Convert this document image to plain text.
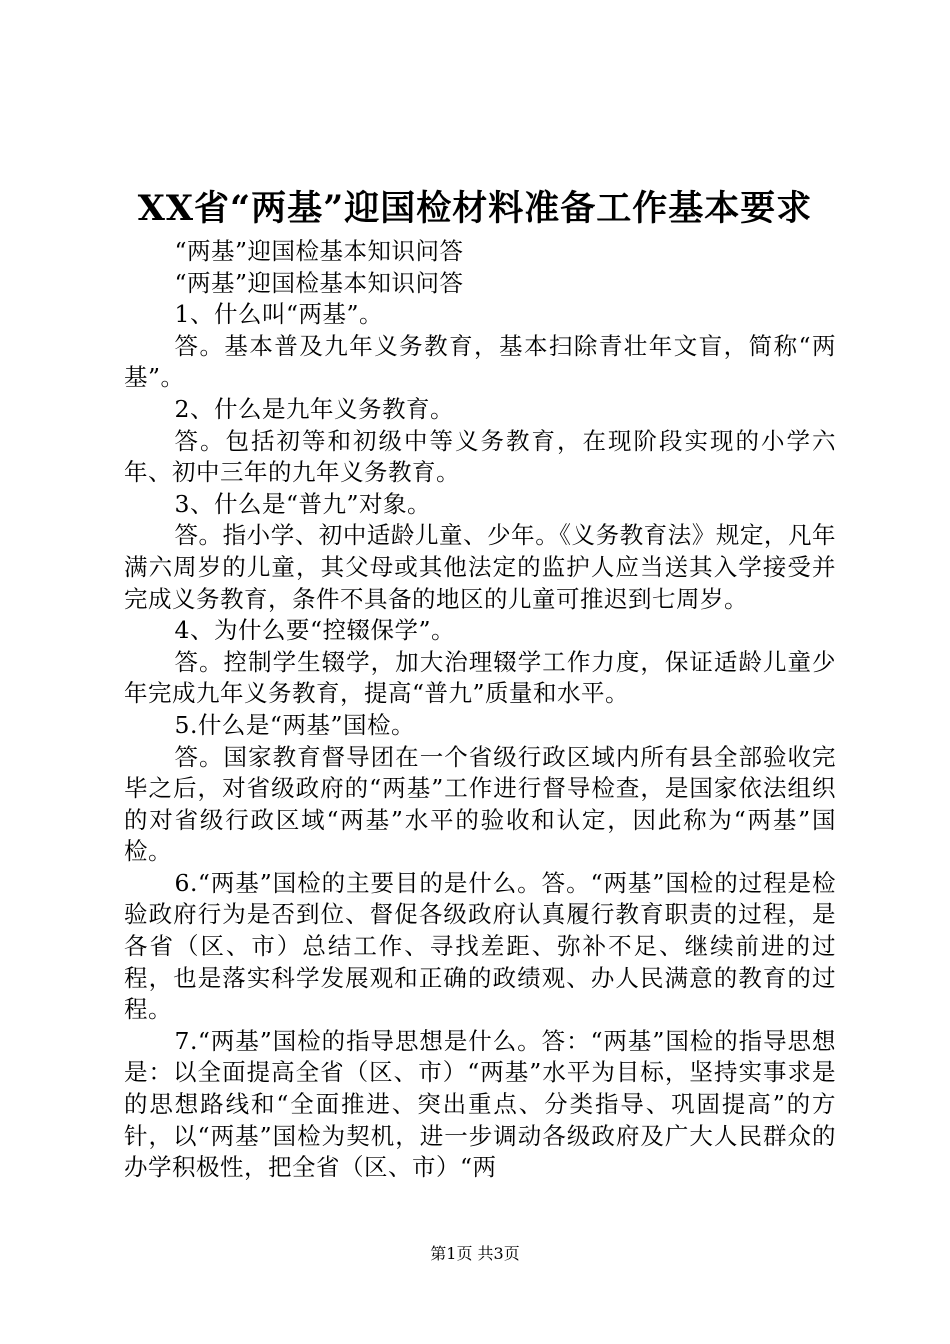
XX省“两基”迎国检材料准备工作基本要求

“两基”迎国检基本知识问答

“两基”迎国检基本知识问答

1、什么叫“两基”。

答。基本普及九年义务教育，基本扫除青壮年文盲，简称“两基”。

2、什么是九年义务教育。

答。包括初等和初级中等义务教育，在现阶段实现的小学六年、初中三年的九年义务教育。

3、什么是“普九”对象。

答。指小学、初中适龄儿童、少年。《义务教育法》规定，凡年满六周岁的儿童，其父母或其他法定的监护人应当送其入学接受并完成义务教育，条件不具备的地区的儿童可推迟到七周岁。

4、为什么要“控辍保学”。

答。控制学生辍学，加大治理辍学工作力度，保证适龄儿童少年完成九年义务教育，提高“普九”质量和水平。

5.什么是“两基”国检。

答。国家教育督导团在一个省级行政区域内所有县全部验收完毕之后，对省级政府的“两基”工作进行督导检查，是国家依法组织的对省级行政区域“两基”水平的验收和认定，因此称为“两基”国检。

6.“两基”国检的主要目的是什么。答。“两基”国检的过程是检验政府行为是否到位、督促各级政府认真履行教育职责的过程，是各省（区、市）总结工作、寻找差距、弥补不足、继续前进的过程，也是落实科学发展观和正确的政绩观、办人民满意的教育的过程。

7.“两基”国检的指导思想是什么。答：“两基”国检的指导思想是：以全面提高全省（区、市）“两基”水平为目标，坚持实事求是的思想路线和“全面推进、突出重点、分类指导、巩固提高”的方针，以“两基”国检为契机，进一步调动各级政府及广大人民群众的办学积极性，把全省（区、市）“两

第1页 共3页
